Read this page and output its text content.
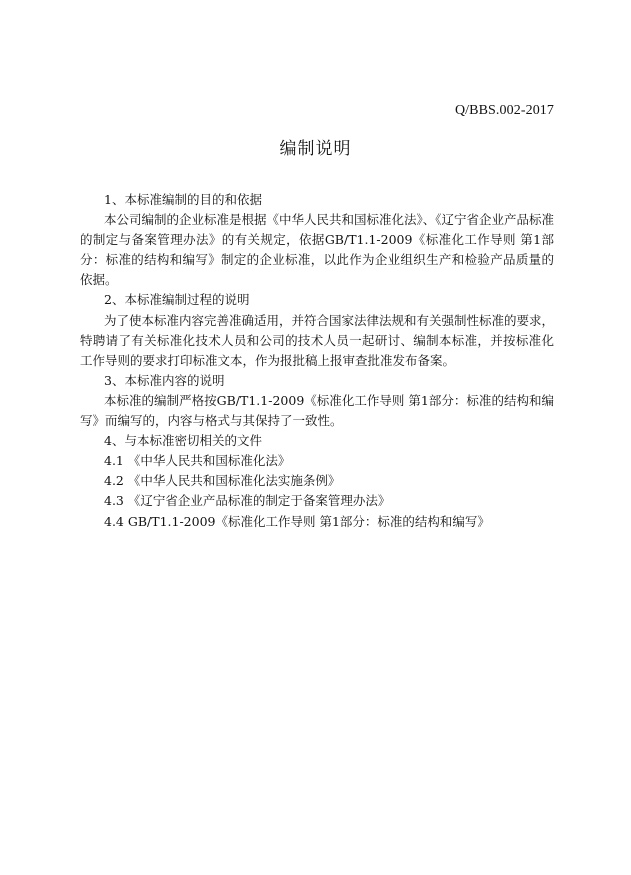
Q/BBS.002-2017
编制说明

1、本标准编制的目的和依据

本公司编制的企业标准是根据《中华人民共和国标准化法》、《辽宁省企业产品标准的制定与备案管理办法》的有关规定，依据GB/T1.1-2009《标准化工作导则 第1部分：标准的结构和编写》制定的企业标准，以此作为企业组织生产和检验产品质量的依据。

2、本标准编制过程的说明

为了使本标准内容完善准确适用，并符合国家法律法规和有关强制性标准的要求，特聘请了有关标准化技术人员和公司的技术人员一起研讨、编制本标准，并按标准化工作导则的要求打印标准文本，作为报批稿上报审查批准发布备案。

3、本标准内容的说明

本标准的编制严格按GB/T1.1-2009《标准化工作导则 第1部分：标准的结构和编写》而编写的，内容与格式与其保持了一致性。

4、与本标准密切相关的文件

4.1 《中华人民共和国标准化法》

4.2 《中华人民共和国标准化法实施条例》

4.3 《辽宁省企业产品标准的制定于备案管理办法》

4.4 GB/T1.1-2009《标准化工作导则 第1部分：标准的结构和编写》
